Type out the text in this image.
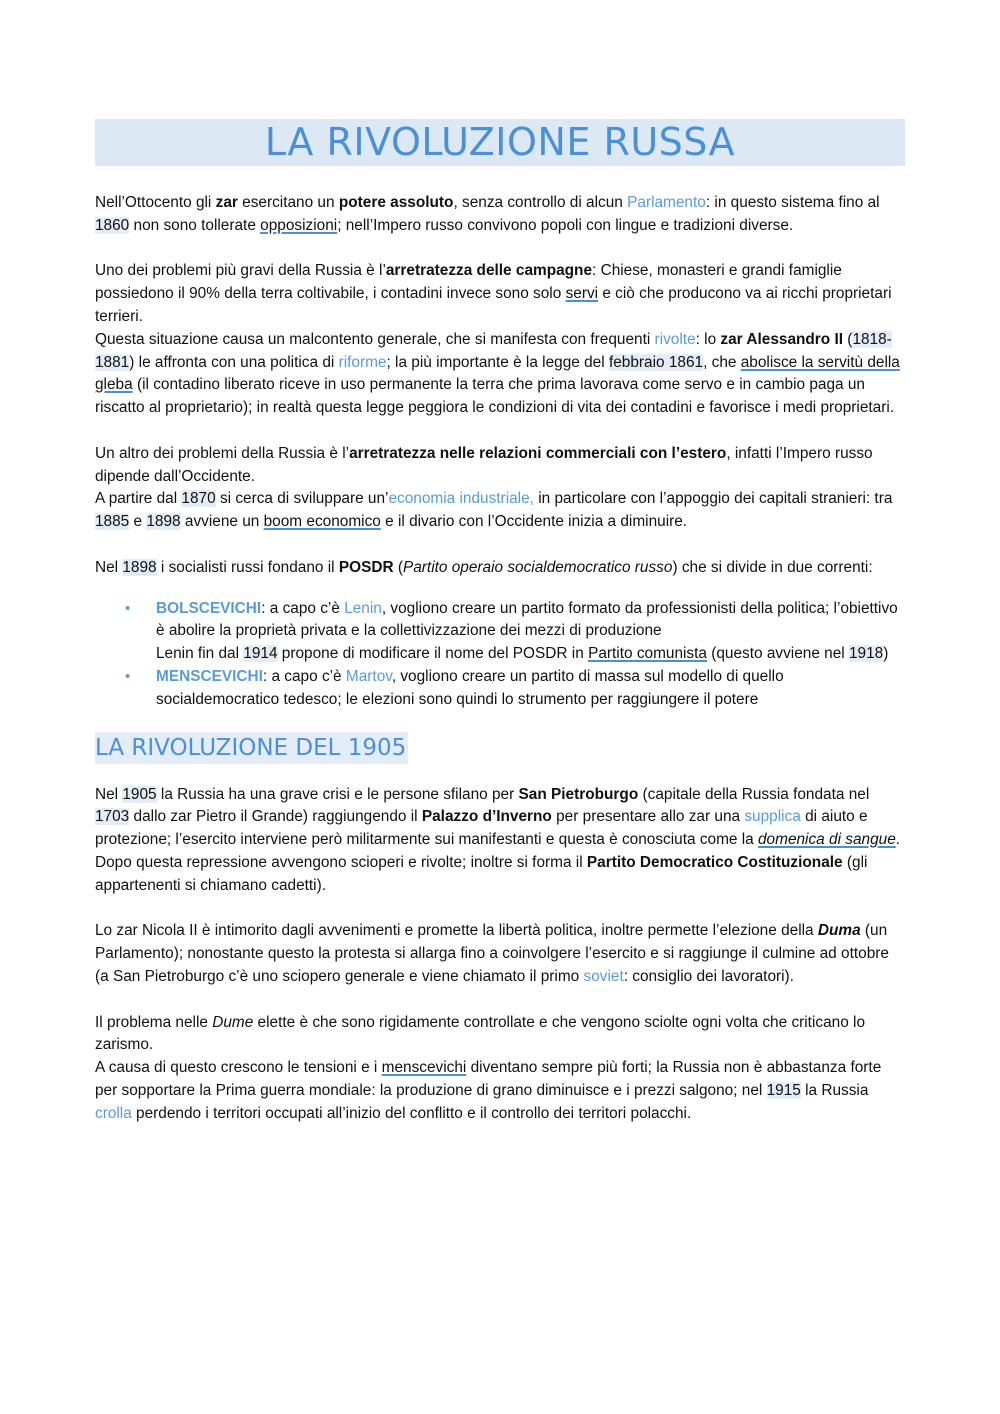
LA RIVOLUZIONE RUSSA

Nell’Ottocento gli zar esercitano un potere assoluto, senza controllo di alcun Parlamento: in questo sistema fino al 1860 non sono tollerate opposizioni; nell’Impero russo convivono popoli con lingue e tradizioni diverse.

Uno dei problemi più gravi della Russia è l’arretratezza delle campagne: Chiese, monasteri e grandi famiglie possiedono il 90% della terra coltivabile, i contadini invece sono solo servi e ciò che producono va ai ricchi proprietari terrieri.

Questa situazione causa un malcontento generale, che si manifesta con frequenti rivolte: lo zar Alessandro II (1818-1881) le affronta con una politica di riforme; la più importante è la legge del febbraio 1861, che abolisce la servitù della gleba (il contadino liberato riceve in uso permanente la terra che prima lavorava come servo e in cambio paga un riscatto al proprietario); in realtà questa legge peggiora le condizioni di vita dei contadini e favorisce i medi proprietari.

Un altro dei problemi della Russia è l’arretratezza nelle relazioni commerciali con l’estero, infatti l’Impero russo dipende dall’Occidente.

A partire dal 1870 si cerca di sviluppare un’economia industriale, in particolare con l’appoggio dei capitali stranieri: tra 1885 e 1898 avviene un boom economico e il divario con l’Occidente inizia a diminuire.

Nel 1898 i socialisti russi fondano il POSDR (Partito operaio socialdemocratico russo) che si divide in due correnti:

• BOLSCEVICHI: a capo c’è Lenin, vogliono creare un partito formato da professionisti della politica; l’obiettivo è abolire la proprietà privata e la collettivizzazione dei mezzi di produzione
Lenin fin dal 1914 propone di modificare il nome del POSDR in Partito comunista (questo avviene nel 1918)
• MENSCEVICHI: a capo c’è Martov, vogliono creare un partito di massa sul modello di quello socialdemocratico tedesco; le elezioni sono quindi lo strumento per raggiungere il potere
LA RIVOLUZIONE DEL 1905

Nel 1905 la Russia ha una grave crisi e le persone sfilano per San Pietroburgo (capitale della Russia fondata nel 1703 dallo zar Pietro il Grande) raggiungendo il Palazzo d’Inverno per presentare allo zar una supplica di aiuto e protezione; l’esercito interviene però militarmente sui manifestanti e questa è conosciuta come la domenica di sangue.

Dopo questa repressione avvengono scioperi e rivolte; inoltre si forma il Partito Democratico Costituzionale (gli appartenenti si chiamano cadetti).

Lo zar Nicola II è intimorito dagli avvenimenti e promette la libertà politica, inoltre permette l’elezione della Duma (un Parlamento); nonostante questo la protesta si allarga fino a coinvolgere l’esercito e si raggiunge il culmine ad ottobre (a San Pietroburgo c’è uno sciopero generale e viene chiamato il primo soviet: consiglio dei lavoratori).

Il problema nelle Dume elette è che sono rigidamente controllate e che vengono sciolte ogni volta che criticano lo zarismo.

A causa di questo crescono le tensioni e i menscevichi diventano sempre più forti; la Russia non è abbastanza forte per sopportare la Prima guerra mondiale: la produzione di grano diminuisce e i prezzi salgono; nel 1915 la Russia crolla perdendo i territori occupati all’inizio del conflitto e il controllo dei territori polacchi.
